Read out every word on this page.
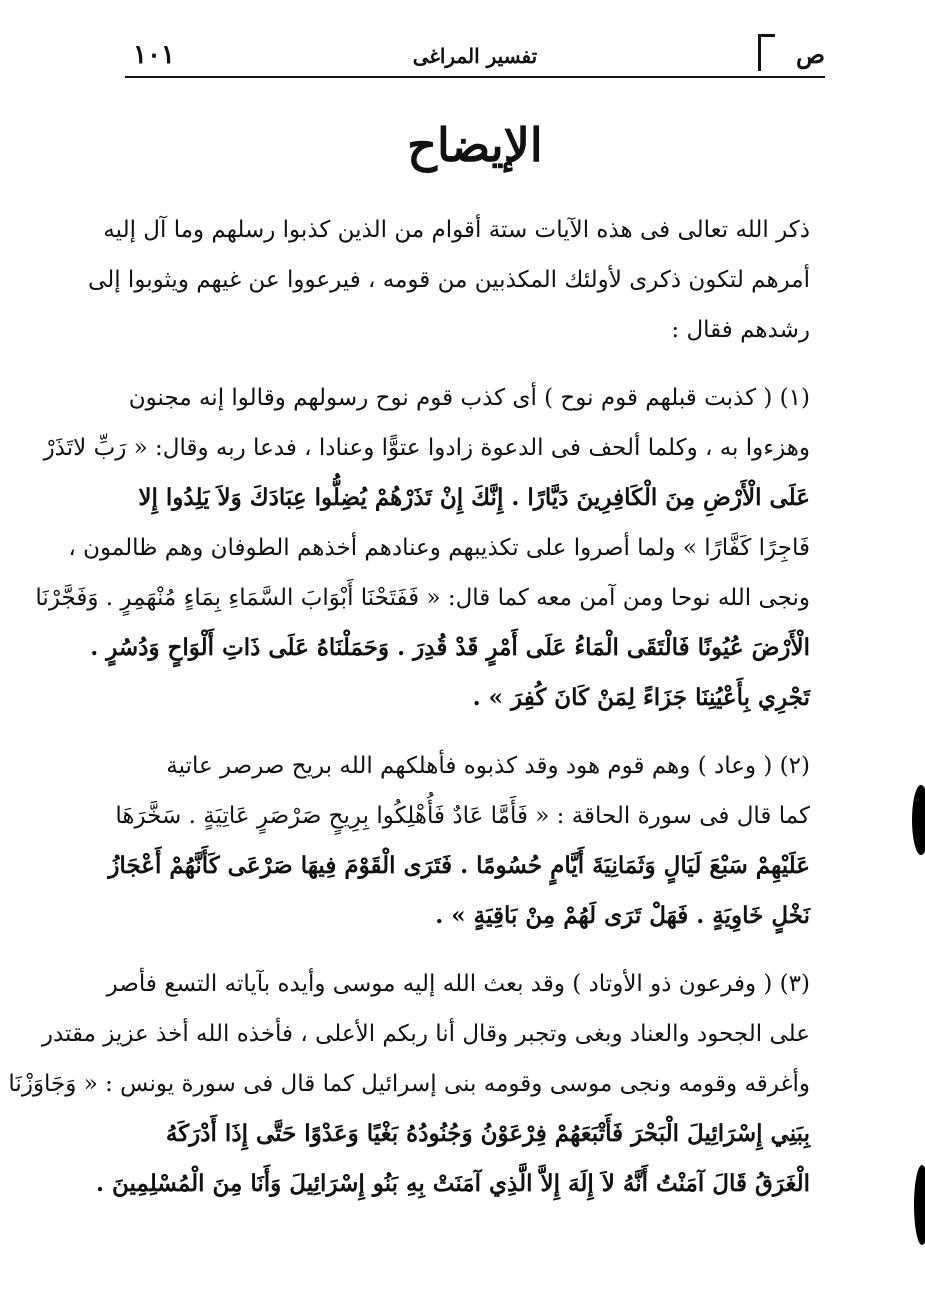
ص
تفسير المراغى
١٠١
الإيضاح

ذكر الله تعالى فى هذه الآيات ستة أقوام من الذين كذبوا رسلهم وما آل إليه
أمرهم لتكون ذكرى لأولئك المكذبين من قومه ، فيرعووا عن غيهم ويثوبوا إلى
رشدهم فقال :

(١) ( كذبت قبلهم قوم نوح ) أى كذب قوم نوح رسولهم وقالوا إنه مجنون
وهزءوا به ، وكلما ألحف فى الدعوة زادوا عتوًّا وعنادا ، فدعا ربه وقال: « رَبِّ لاتَذَرْ
عَلَى الْأَرْضِ مِنَ الْكَافِرِينَ دَيَّارًا . إِنَّكَ إِنْ تَذَرْهُمْ يُضِلُّوا عِبَادَكَ وَلاَ يَلِدُوا إِلا
فَاجِرًا كَفَّارًا » ولما أصروا على تكذيبهم وعنادهم أخذهم الطوفان وهم ظالمون ،
ونجى الله نوحا ومن آمن معه كما قال: « فَفَتَحْنَا أَبْوَابَ السَّمَاءِ بِمَاءٍ مُنْهَمِرٍ . وَفَجَّرْنَا
الْأَرْضَ عُيُونًا فَالْتَقَى الْمَاءُ عَلَى أَمْرٍ قَدْ قُدِرَ . وَحَمَلْنَاهُ عَلَى ذَاتِ أَلْوَاحٍ وَدُسُرٍ .
تَجْرِي بِأَعْيُنِنَا جَزَاءً لِمَنْ كَانَ كُفِرَ » .

(٢) ( وعاد ) وهم قوم هود وقد كذبوه فأهلكهم الله بريح صرصر عاتية
كما قال فى سورة الحاقة : « فَأَمَّا عَادٌ فَأُهْلِكُوا بِرِيحٍ صَرْصَرٍ عَاتِيَةٍ . سَخَّرَهَا
عَلَيْهِمْ سَبْعَ لَيَالٍ وَثَمَانِيَةَ أَيَّامٍ حُسُومًا . فَتَرَى الْقَوْمَ فِيهَا صَرْعَى كَأَنَّهُمْ أَعْجَازُ
نَخْلٍ خَاوِيَةٍ . فَهَلْ تَرَى لَهُمْ مِنْ بَاقِيَةٍ » .

(٣) ( وفرعون ذو الأوتاد ) وقد بعث الله إليه موسى وأيده بآياته التسع فأصر
على الجحود والعناد وبغى وتجبر وقال أنا ربكم الأعلى ، فأخذه الله أخذ عزيز مقتدر
وأغرقه وقومه ونجى موسى وقومه بنى إسرائيل كما قال فى سورة يونس : « وَجَاوَزْنَا
بِبَنِي إِسْرَائِيلَ الْبَحْرَ فَأَتْبَعَهُمْ فِرْعَوْنُ وَجُنُودُهُ بَغْيًا وَعَدْوًا حَتَّى إِذَا أَدْرَكَهُ
الْغَرَقُ قَالَ آمَنْتُ أَنَّهُ لاَ إِلَهَ إِلاَّ الَّذِي آمَنَتْ بِهِ بَنُو إِسْرَائِيلَ وَأَنَا مِنَ الْمُسْلِمِينَ .
